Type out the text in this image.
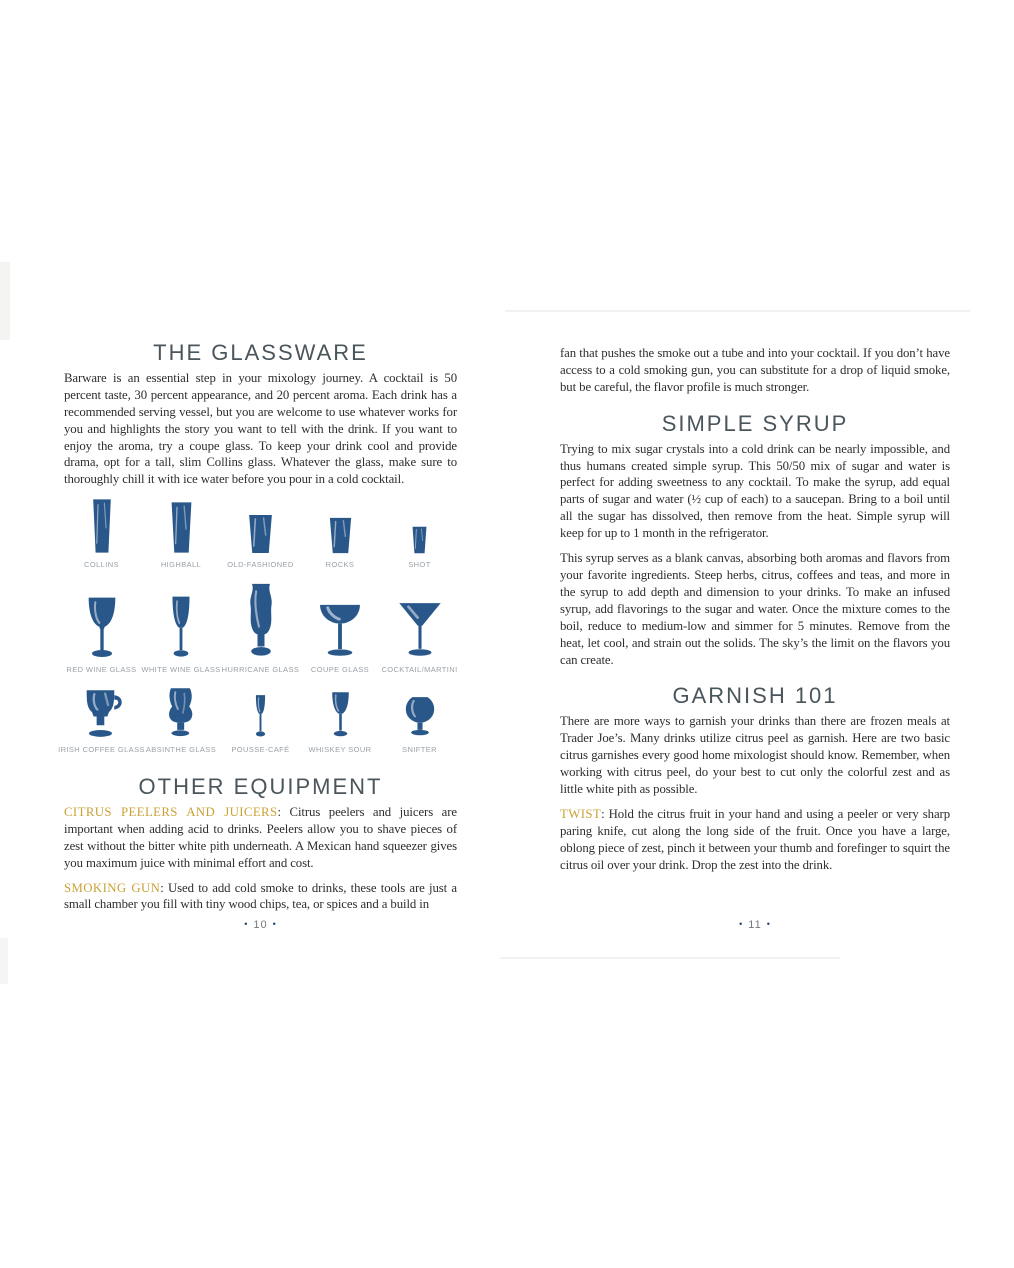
THE GLASSWARE

Barware is an essential step in your mixology journey. A cocktail is 50 percent taste, 30 percent appearance, and 20 percent aroma. Each drink has a recommended serving vessel, but you are welcome to use whatever works for you and highlights the story you want to tell with the drink. If you want to enjoy the aroma, try a coupe glass. To keep your drink cool and provide drama, opt for a tall, slim Collins glass. Whatever the glass, make sure to thoroughly chill it with ice water before you pour in a cold cocktail.

COLLINS	HIGHBALL	OLD-FASHIONED	ROCKS	SHOT
RED WINE GLASS WHITE WINE GLASS HURRICANE GLASS COUPE GLASS COCKTAIL/MARTINI
IRISH COFFEE GLASS ABSINTHE GLASS POUSSE-CAFÉ	WHISKEY SOUR	SNIFTER
OTHER EQUIPMENT

CITRUS PEELERS AND JUICERS: Citrus peelers and juicers are important when adding acid to drinks. Peelers allow you to shave pieces of zest without the bitter white pith underneath. A Mexican hand squeezer gives you maximum juice with minimal effort and cost.

SMOKING GUN: Used to add cold smoke to drinks, these tools are just a small chamber you fill with tiny wood chips, tea, or spices and a build in

fan that pushes the smoke out a tube and into your cocktail. If you don’t have access to a cold smoking gun, you can substitute for a drop of liquid smoke, but be careful, the flavor profile is much stronger.

SIMPLE SYRUP

Trying to mix sugar crystals into a cold drink can be nearly impossible, and thus humans created simple syrup. This 50/50 mix of sugar and water is perfect for adding sweetness to any cocktail. To make the syrup, add equal parts of sugar and water (½ cup of each) to a saucepan. Bring to a boil until all the sugar has dissolved, then remove from the heat. Simple syrup will keep for up to 1 month in the refrigerator.

This syrup serves as a blank canvas, absorbing both aromas and flavors from your favorite ingredients. Steep herbs, citrus, coffees and teas, and more in the syrup to add depth and dimension to your drinks. To make an infused syrup, add flavorings to the sugar and water. Once the mixture comes to the boil, reduce to medium-low and simmer for 5 minutes. Remove from the heat, let cool, and strain out the solids. The sky’s the limit on the flavors you can create.

GARNISH 101

There are more ways to garnish your drinks than there are frozen meals at Trader Joe’s. Many drinks utilize citrus peel as garnish. Here are two basic citrus garnishes every good home mixologist should know. Remember, when working with citrus peel, do your best to cut only the colorful zest and as little white pith as possible.

TWIST: Hold the citrus fruit in your hand and using a peeler or very sharp paring knife, cut along the long side of the fruit. Once you have a large, oblong piece of zest, pinch it between your thumb and forefinger to squirt the citrus oil over your drink. Drop the zest into the drink.

• 10 •	• 11 •
